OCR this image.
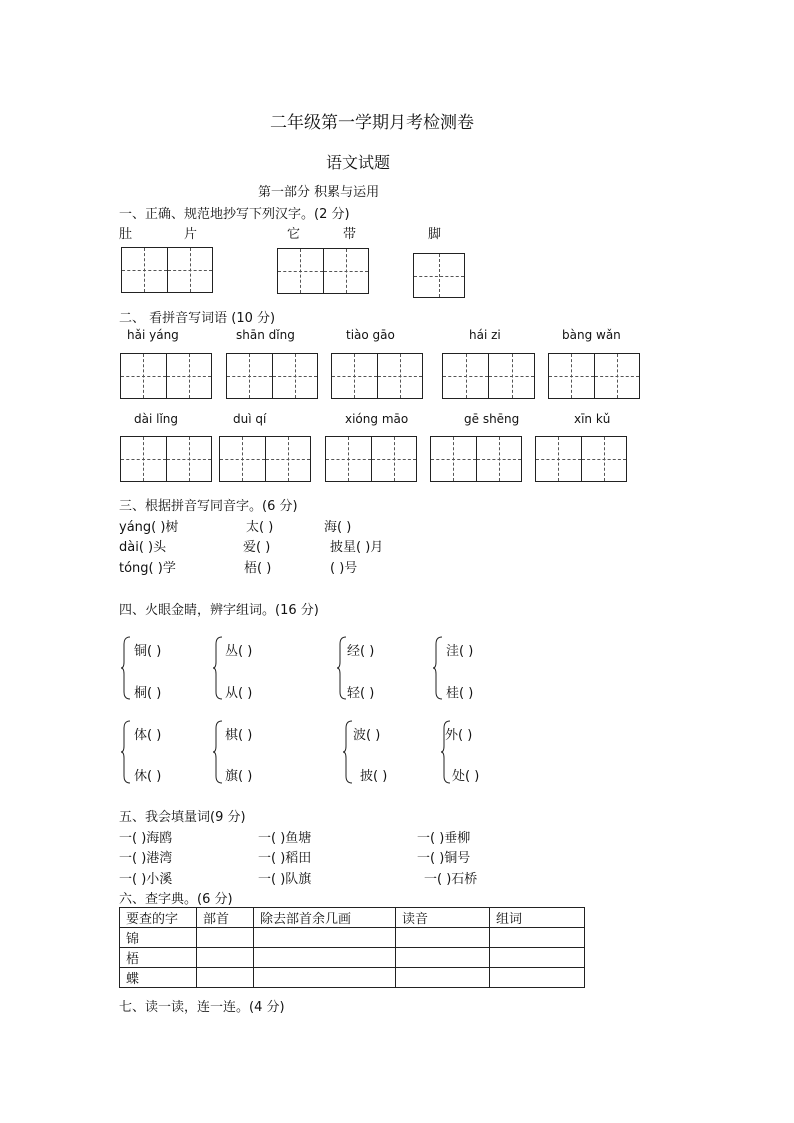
二年级第一学期月考检测卷
语文试题
第一部分 积累与运用
一、正确、规范地抄写下列汉字。(2 分)
肚	片	它	带	脚
二、 看拼音写词语 (10 分)
hǎi yáng	shān dǐng	tiào gāo	hái zi	bàng wǎn
dài lǐng	duì qí	xióng māo	gē shēng	xīn kǔ
三、根据拼音写同音字。(6 分)
yáng( )树	太( )	海( )
dài( )头	爱( )	披星( )月
tóng( )学	梧( )	( )号
四、火眼金睛，辨字组词。(16 分)
铜( )
桐( )
丛( )
从( )
经( )
轻( )
洼( )
桂( )
体( )
休( )
棋( )
旗( )
波( )
披( )
外( )
处( )
五、我会填量词(9 分)
一( )海鸥	一( )鱼塘	一( )垂柳
一( )港湾	一( )稻田	一( )铜号
一( )小溪	一( )队旗	一( )石桥
六、查字典。(6 分)
要查的字	部首	除去部首余几画	读音	组词
锦				
梧				
蝶				
七、读一读，连一连。(4 分)
